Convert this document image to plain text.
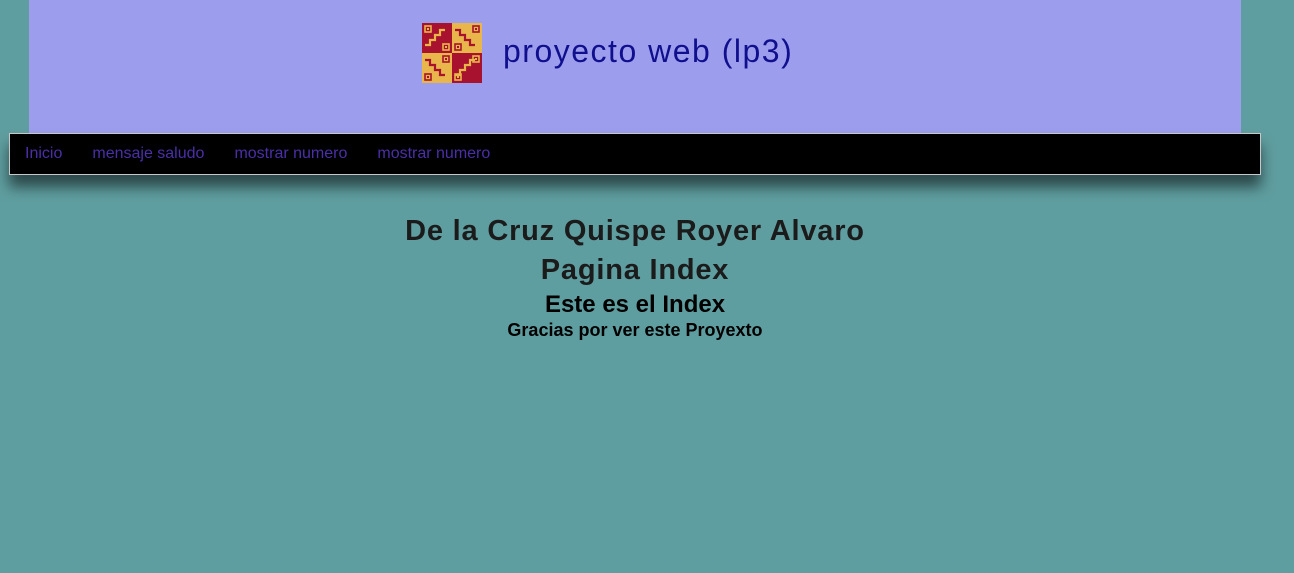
proyecto web (lp3)
Inicio mensaje saludo mostrar numero mostrar numero
De la Cruz Quispe Royer Alvaro
Pagina Index
Este es el Index
Gracias por ver este Proyexto
